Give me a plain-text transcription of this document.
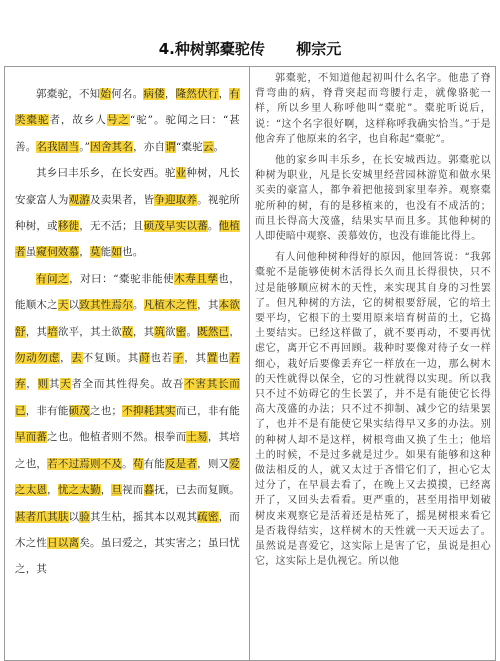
4.种树郭橐驼传      柳宗元

郭橐驼，不知始何名。病偻，隆然伏行，有类橐驼者，故乡人号之“驼”。驼闻之曰：“甚善。名我固当。”因舍其名，亦自谓“橐驼云。

其乡曰丰乐乡，在长安西。驼业种树，凡长安豪富人为观游及卖果者，皆争迎取养。视驼所种树，或移徙，无不活；且硕茂早实以蕃。他植者虽窥伺效慕，莫能如也。

有问之，对曰：“橐驼非能使木寿且孳也，能顺木之天以致其性焉尔。凡植木之性，其本欲舒，其培欲平，其土欲故，其筑欲密。既然已，勿动勿虑，去不复顾。其莳也若子，其置也若弃，则其天者全而其性得矣。故吾不害其长而已，非有能硕茂之也；不抑耗其实而已，非有能早而蕃之也。他植者则不然。根拳而土易，其培之也，若不过焉则不及。苟有能反是者，则又爱之太恩，忧之太勤，旦视而暮抚，已去而复顾。甚者爪其肤以验其生枯，摇其本以观其疏密，而木之性日以离矣。虽曰爱之，其实害之；虽曰忧之，其

郭橐驼，不知道他起初叫什么名字。他患了脊背弯曲的病，脊背突起而弯腰行走，就像骆驼一样，所以乡里人称呼他叫“橐驼”。橐驼听说后，说：“这个名字很好啊，这样称呼我确实恰当。”于是他舍弃了他原来的名字，也自称起“橐驼”。

他的家乡叫丰乐乡，在长安城西边。郭橐驼以种树为职业，凡是长安城里经营园林游览和做水果买卖的豪富人，都争着把他接到家里奉养。观察橐驼所种的树，有的是移植来的，也没有不成活的；而且长得高大茂盛，结果实早而且多。其他种树的人即使暗中观察、羡慕效仿，也没有谁能比得上。

有人问他种树种得好的原因，他回答说：“我郭橐驼不是能够使树木活得长久而且长得很快，只不过是能够顺应树木的天性，来实现其自身的习性罢了。但凡种树的方法，它的树根要舒展，它的培土要平均，它根下的土要用原来培育树苗的土，它捣土要结实。已经这样做了，就不要再动，不要再忧虑它，离开它不再回顾。栽种时要像对待子女一样细心，栽好后要像丢弃它一样放在一边，那么树木的天性就得以保全，它的习性就得以实现。所以我只不过不妨碍它的生长罢了，并不是有能使它长得高大茂盛的办法；只不过不抑制、减少它的结果罢了，也并不是有能使它果实结得早又多的办法。别的种树人却不是这样，树根弯曲又换了生土；他培土的时候，不是过多就是过少。如果有能够和这种做法相反的人，就又太过于吝惜它们了，担心它太过分了，在早晨去看了，在晚上又去摸摸，已经离开了，又回头去看看。更严重的，甚至用指甲划破树皮来观察它是活着还是枯死了，摇晃树根来看它是否栽得结实，这样树木的天性就一天天远去了。虽然说是喜爱它，这实际上是害了它，虽说是担心它，这实际上是仇视它。所以他
